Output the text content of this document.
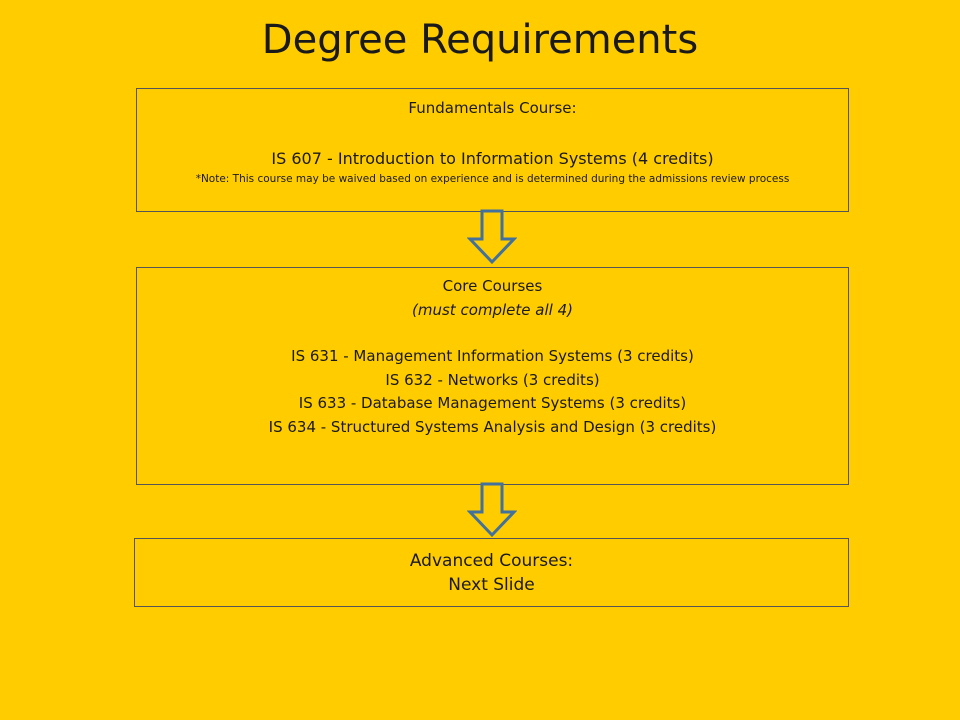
Degree Requirements

Fundamentals Course:

IS 607 - Introduction to Information Systems (4 credits)

*Note: This course may be waived based on experience and is determined during the admissions review process

Core Courses

(must complete all 4)

IS 631 - Management Information Systems (3 credits)

IS 632 - Networks (3 credits)

IS 633 - Database Management Systems (3 credits)

IS 634 - Structured Systems Analysis and Design (3 credits)

Advanced Courses:

Next Slide
